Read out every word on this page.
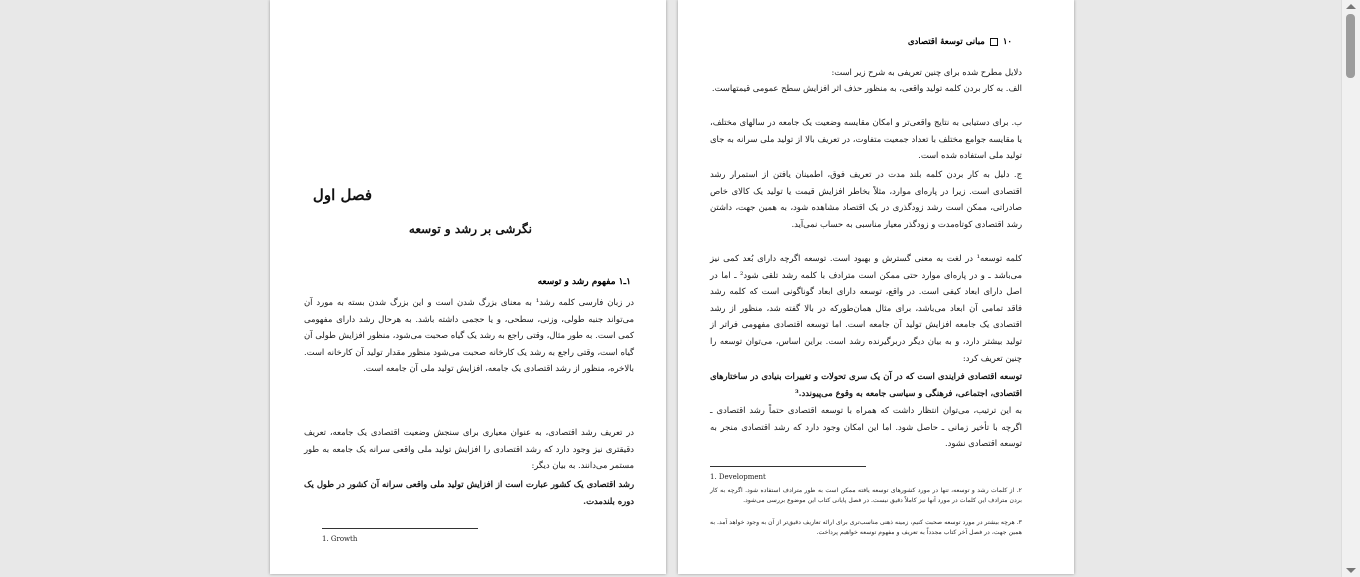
فصل اول
نگرشی بر رشد و توسعه
۱ـ۱ مفهوم رشد و توسعه

در زبان فارسی کلمه رشد¹ به معنای بزرگ شدن است و این بزرگ شدن بسته به مورد آن می‌تواند جنبه طولی، وزنی، سطحی، و یا حجمی داشته باشد. به هرحال رشد دارای مفهومی کمی است. به طور مثال، وقتی راجع به رشد یک گیاه صحبت می‌شود، منظور افزایش طولی آن گیاه است، وقتی راجع به رشد یک کارخانه صحبت می‌شود منظور مقدار تولید آن کارخانه است. بالاخره، منظور از رشد اقتصادی یک جامعه، افزایش تولید ملی آن جامعه است.

در تعریف رشد اقتصادی، به عنوان معیاری برای سنجش وضعیت اقتصادی یک جامعه، تعریف دقیقتری نیز وجود دارد که رشد اقتصادی را افزایش تولید ملی واقعی سرانه یک جامعه به طور مستمر می‌دانند. به بیان دیگر:

رشد اقتصادی یک کشور عبارت است از افزایش تولید ملی واقعی سرانه آن کشور در طول یک دوره بلندمدت.

1. Growth
۱۰
مبانی توسعهٔ اقتصادی

دلایل مطرح شده برای چنین تعریفی به شرح زیر است:

الف. به کار بردن کلمه تولید واقعی، به منظور حذف اثر افزایش سطح عمومی قیمتهاست.

ب. برای دستیابی به نتایج واقعی‌تر و امکان مقایسه وضعیت یک جامعه در سالهای مختلف، یا مقایسه جوامع مختلف با تعداد جمعیت متفاوت، در تعریف بالا از تولید ملی سرانه به جای تولید ملی استفاده شده است.

ج. دلیل به کار بردن کلمه بلند مدت در تعریف فوق، اطمینان یافتن از استمرار رشد اقتصادی است. زیرا در پاره‌ای موارد، مثلاً بخاطر افزایش قیمت یا تولید یک کالای خاص صادراتی، ممکن است رشد زودگذری در یک اقتصاد مشاهده شود، به همین جهت، داشتن رشد اقتصادی کوتاه‌مدت و زودگذر معیار مناسبی به حساب نمی‌آید.

کلمه توسعه¹ در لغت به معنی گسترش و بهبود است. توسعه اگرچه دارای بُعد کمی نیز می‌باشد ـ و در پاره‌ای موارد حتی ممکن است مترادف با کلمه رشد تلقی شود² ـ اما در اصل دارای ابعاد کیفی است. در واقع، توسعه دارای ابعاد گوناگونی است که کلمه رشد فاقد تمامی آن ابعاد می‌باشد، برای مثال همان‌طورکه در بالا گفته شد، منظور از رشد اقتصادی یک جامعه افزایش تولید آن جامعه است. اما توسعه اقتصادی مفهومی فراتر از تولید بیشتر دارد، و به بیان دیگر دربرگیرنده رشد است. براین اساس، می‌توان توسعه را چنین تعریف کرد:

توسعه اقتصادی فرایندی است که در آن یک سری تحولات و تغییرات بنیادی در ساختارهای اقتصادی، اجتماعی، فرهنگی و سیاسی جامعه به وقوع می‌پیوندد.³

به این ترتیب، می‌توان انتظار داشت که همراه با توسعه اقتصادی حتماً رشد اقتصادی ـ اگرچه با تأخیر زمانی ـ حاصل شود. اما این امکان وجود دارد که رشد اقتصادی منجر به توسعه اقتصادی نشود.

1. Development

۲. از کلمات رشد و توسعه، تنها در مورد کشورهای توسعه یافته ممکن است به طور مترادف استفاده شود. اگرچه به کار بردن مترادف این کلمات در مورد آنها نیز کاملاً دقیق نیست. در فصل پایانی کتاب این موضوع بررسی می‌شود.

۳. هرچه بیشتر در مورد توسعه صحبت کنیم، زمینه ذهنی مناسب‌تری برای ارائه تعاریف دقیق‌تر از آن به وجود خواهد آمد. به همین جهت، در فصل آخر کتاب مجدداً به تعریف و مفهوم توسعه خواهیم پرداخت.
